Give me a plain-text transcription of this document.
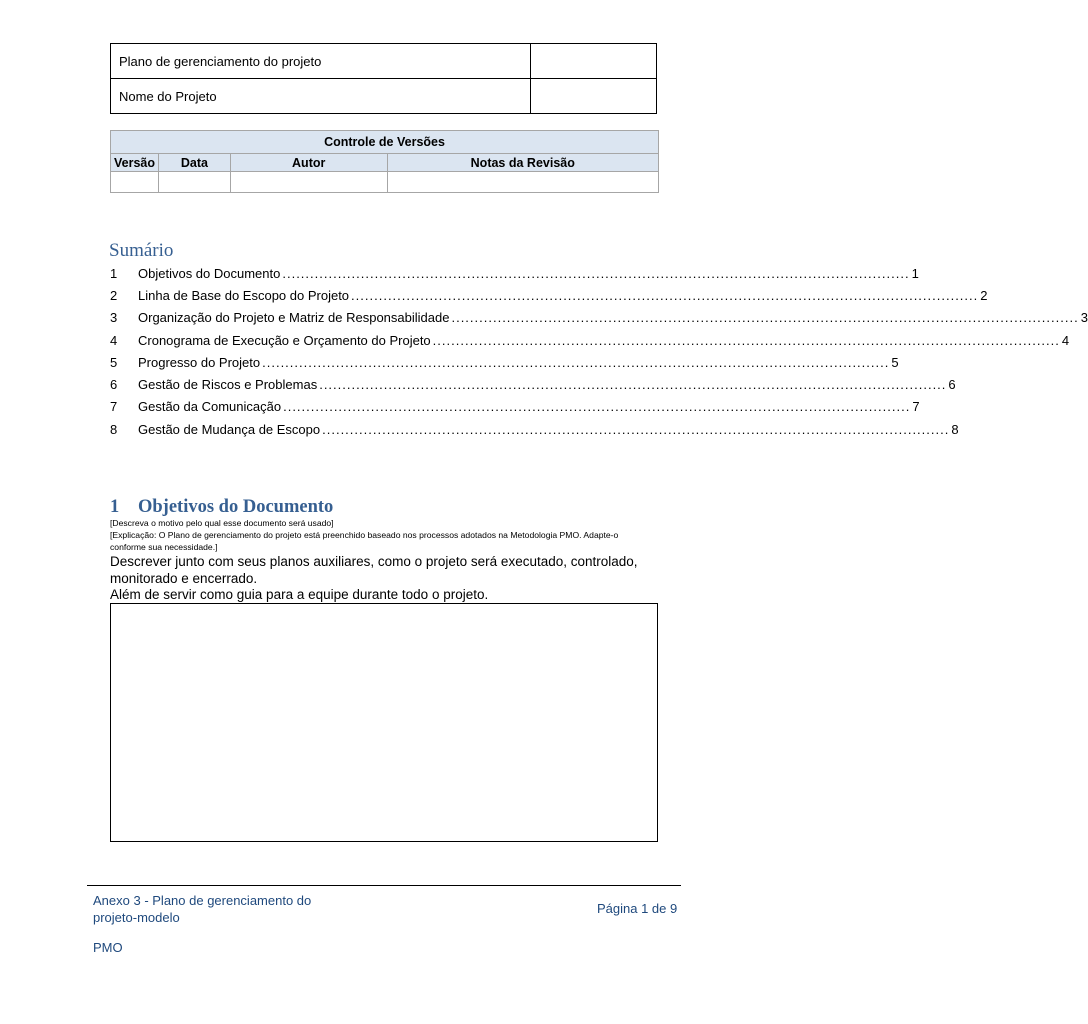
Plano de gerenciamento do projeto
Nome do Projeto
Controle de Versões			
Versão	Data	Autor	Notas da Revisão

Sumário
1	Objetivos do Documento ........................................................................................................................................ 1
2	Linha de Base do Escopo do Projeto ........................................................................................................................................ 2
3	Organização do Projeto e Matriz de Responsabilidade ........................................................................................................................................ 3
4	Cronograma de Execução e Orçamento do Projeto ........................................................................................................................................ 4
5	Progresso do Projeto ........................................................................................................................................ 5
6	Gestão de Riscos e Problemas ........................................................................................................................................ 6
7	Gestão da Comunicação ........................................................................................................................................ 7
8	Gestão de Mudança de Escopo ........................................................................................................................................ 8
1 Objetivos do Documento
[Descreva o motivo pelo qual esse documento será usado]
[Explicação: O Plano de gerenciamento do projeto está preenchido baseado nos processos adotados na Metodologia PMO. Adapte-o conforme sua necessidade.]
Descrever junto com seus planos auxiliares, como o projeto será executado, controlado, monitorado e encerrado.
Além de servir como guia para a equipe durante todo o projeto.
Anexo 3 - Plano de gerenciamento do projeto-modelo
Página 1 de 9
PMO
